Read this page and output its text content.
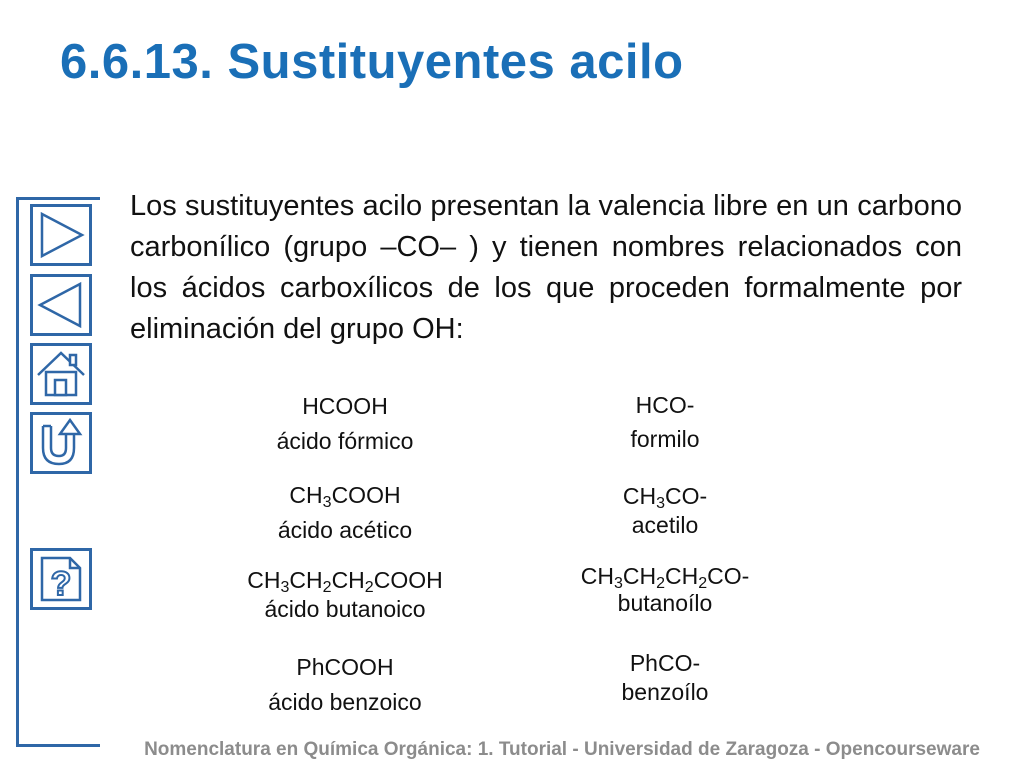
6.6.13. Sustituyentes acilo
?
Los sustituyentes acilo presentan la valencia libre en un carbono carbonílico (grupo –CO– ) y tienen nombres relacionados con los ácidos carboxílicos de los que proceden formalmente por eliminación del grupo OH:
HCOOH
ácido fórmico
HCO-
formilo
$CH_3COOH$
ácido acético
$CH_3CO-$
acetilo
$CH_3CH_2CH_2COOH$
ácido butanoico
$CH_3CH_2CH_2CO-$
butanoílo
PhCOOH
ácido benzoico
PhCO-
benzoílo
Nomenclatura en Química Orgánica: 1. Tutorial - Universidad de Zaragoza - Opencourseware
